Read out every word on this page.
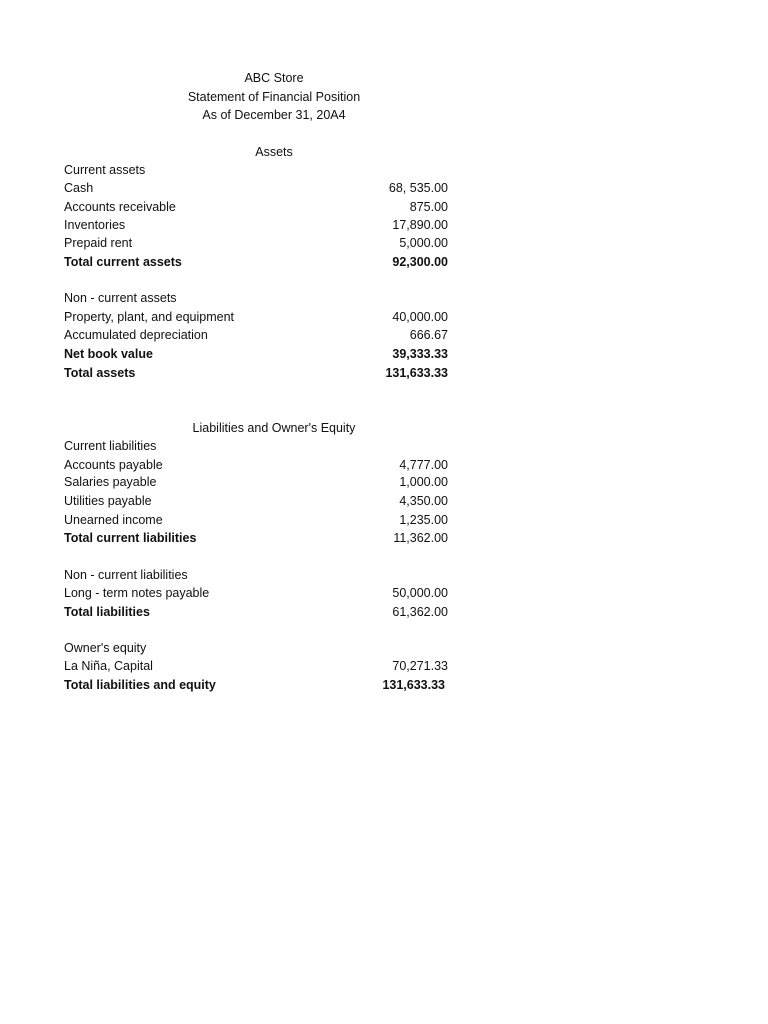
ABC Store
Statement of Financial Position
As of December 31, 20A4
Assets
Current assets
Cash	68, 535.00
Accounts receivable	875.00
Inventories	17,890.00
Prepaid rent	5,000.00
Total current assets	92,300.00
Non - current assets
Property, plant, and equipment	40,000.00
Accumulated depreciation	666.67
Net book value	39,333.33
Total assets	131,633.33
Liabilities and Owner's Equity
Current liabilities
Accounts payable	4,777.00
Salaries payable	1,000.00
Utilities payable	4,350.00
Unearned income	1,235.00
Total current liabilities	11,362.00
Non - current liabilities
Long - term notes payable	50,000.00
Total liabilities	61,362.00
Owner's equity
La Niña, Capital	70,271.33
Total liabilities and equity	131,633.33
